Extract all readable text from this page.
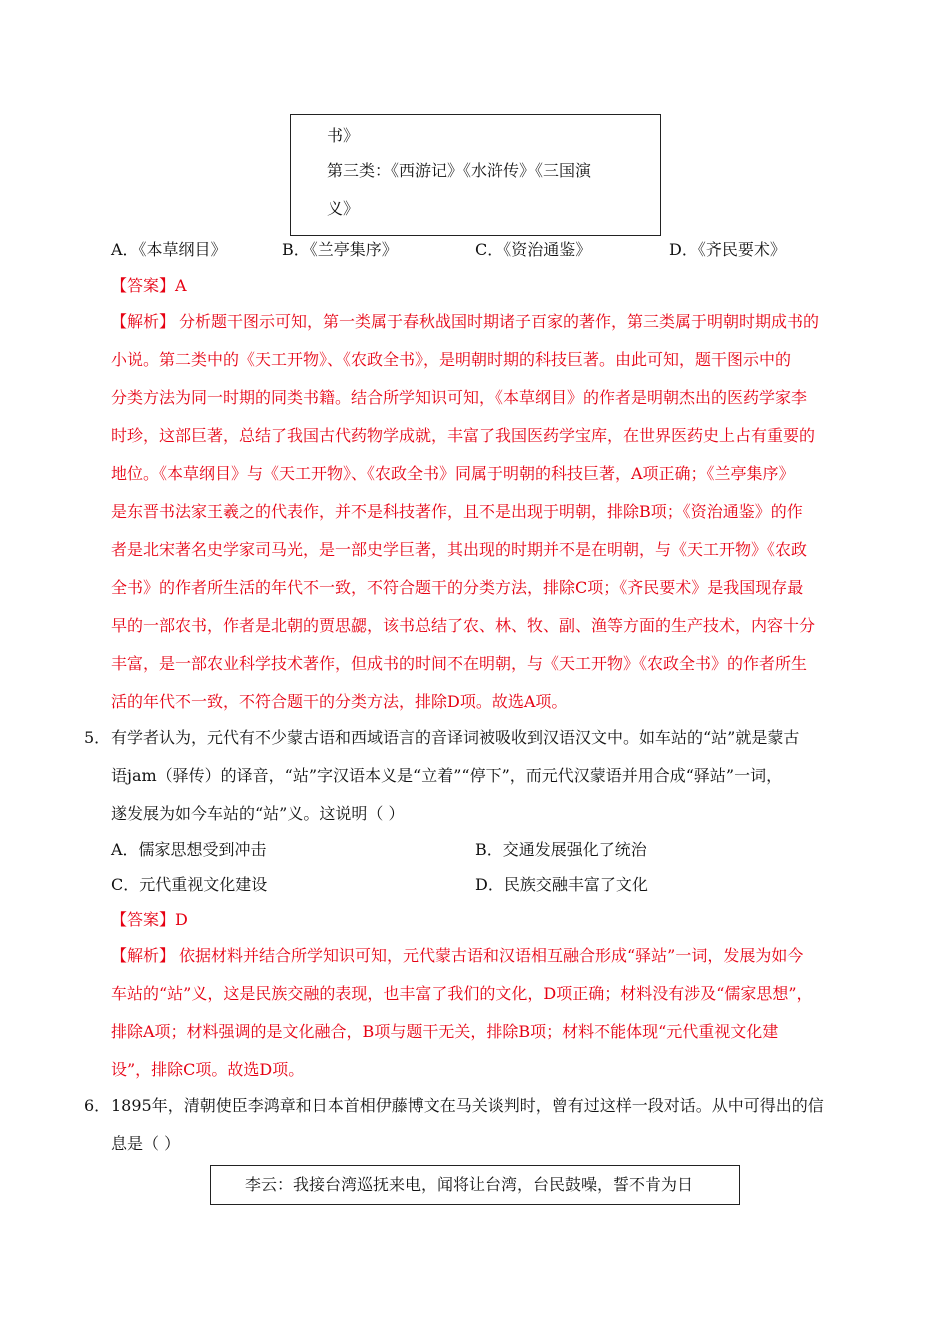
书》
第三类：《西游记》《水浒传》《三国演
义》
A．《本草纲目》	B．《兰亭集序》	C．《资治通鉴》	D．《齐民要术》
【答案】A
【解析】 分析题干图示可知，第一类属于春秋战国时期诸子百家的著作，第三类属于明朝时期成书的
小说。第二类中的《天工开物》、《农政全书》，是明朝时期的科技巨著。由此可知，题干图示中的
分类方法为同一时期的同类书籍。结合所学知识可知，《本草纲目》的作者是明朝杰出的医药学家李
时珍，这部巨著，总结了我国古代药物学成就，丰富了我国医药学宝库，在世界医药史上占有重要的
地位。《本草纲目》与《天工开物》、《农政全书》同属于明朝的科技巨著，A项正确；《兰亭集序》
是东晋书法家王羲之的代表作，并不是科技著作，且不是出现于明朝，排除B项；《资治通鉴》的作
者是北宋著名史学家司马光，是一部史学巨著，其出现的时期并不是在明朝，与《天工开物》《农政
全书》的作者所生活的年代不一致，不符合题干的分类方法，排除C项；《齐民要术》是我国现存最
早的一部农书，作者是北朝的贾思勰，该书总结了农、林、牧、副、渔等方面的生产技术，内容十分
丰富，是一部农业科学技术著作，但成书的时间不在明朝，与《天工开物》《农政全书》的作者所生
活的年代不一致，不符合题干的分类方法，排除D项。故选A项。
5． 有学者认为，元代有不少蒙古语和西域语言的音译词被吸收到汉语汉文中。如车站的“站”就是蒙古
语jam（驿传）的译音，“站”字汉语本义是“立着”“停下”，而元代汉蒙语并用合成“驿站”一词，
遂发展为如今车站的“站”义。这说明（ ）
A．儒家思想受到冲击	B．交通发展强化了统治
C．元代重视文化建设	D．民族交融丰富了文化
【答案】D
【解析】 依据材料并结合所学知识可知，元代蒙古语和汉语相互融合形成“驿站”一词，发展为如今
车站的“站”义，这是民族交融的表现，也丰富了我们的文化，D项正确；材料没有涉及“儒家思想”，
排除A项；材料强调的是文化融合，B项与题干无关，排除B项；材料不能体现“元代重视文化建
设”，排除C项。故选D项。
6． 1895年，清朝使臣李鸿章和日本首相伊藤博文在马关谈判时，曾有过这样一段对话。从中可得出的信
息是（ ）
李云：我接台湾巡抚来电，闻将让台湾，台民鼓噪，誓不肯为日
